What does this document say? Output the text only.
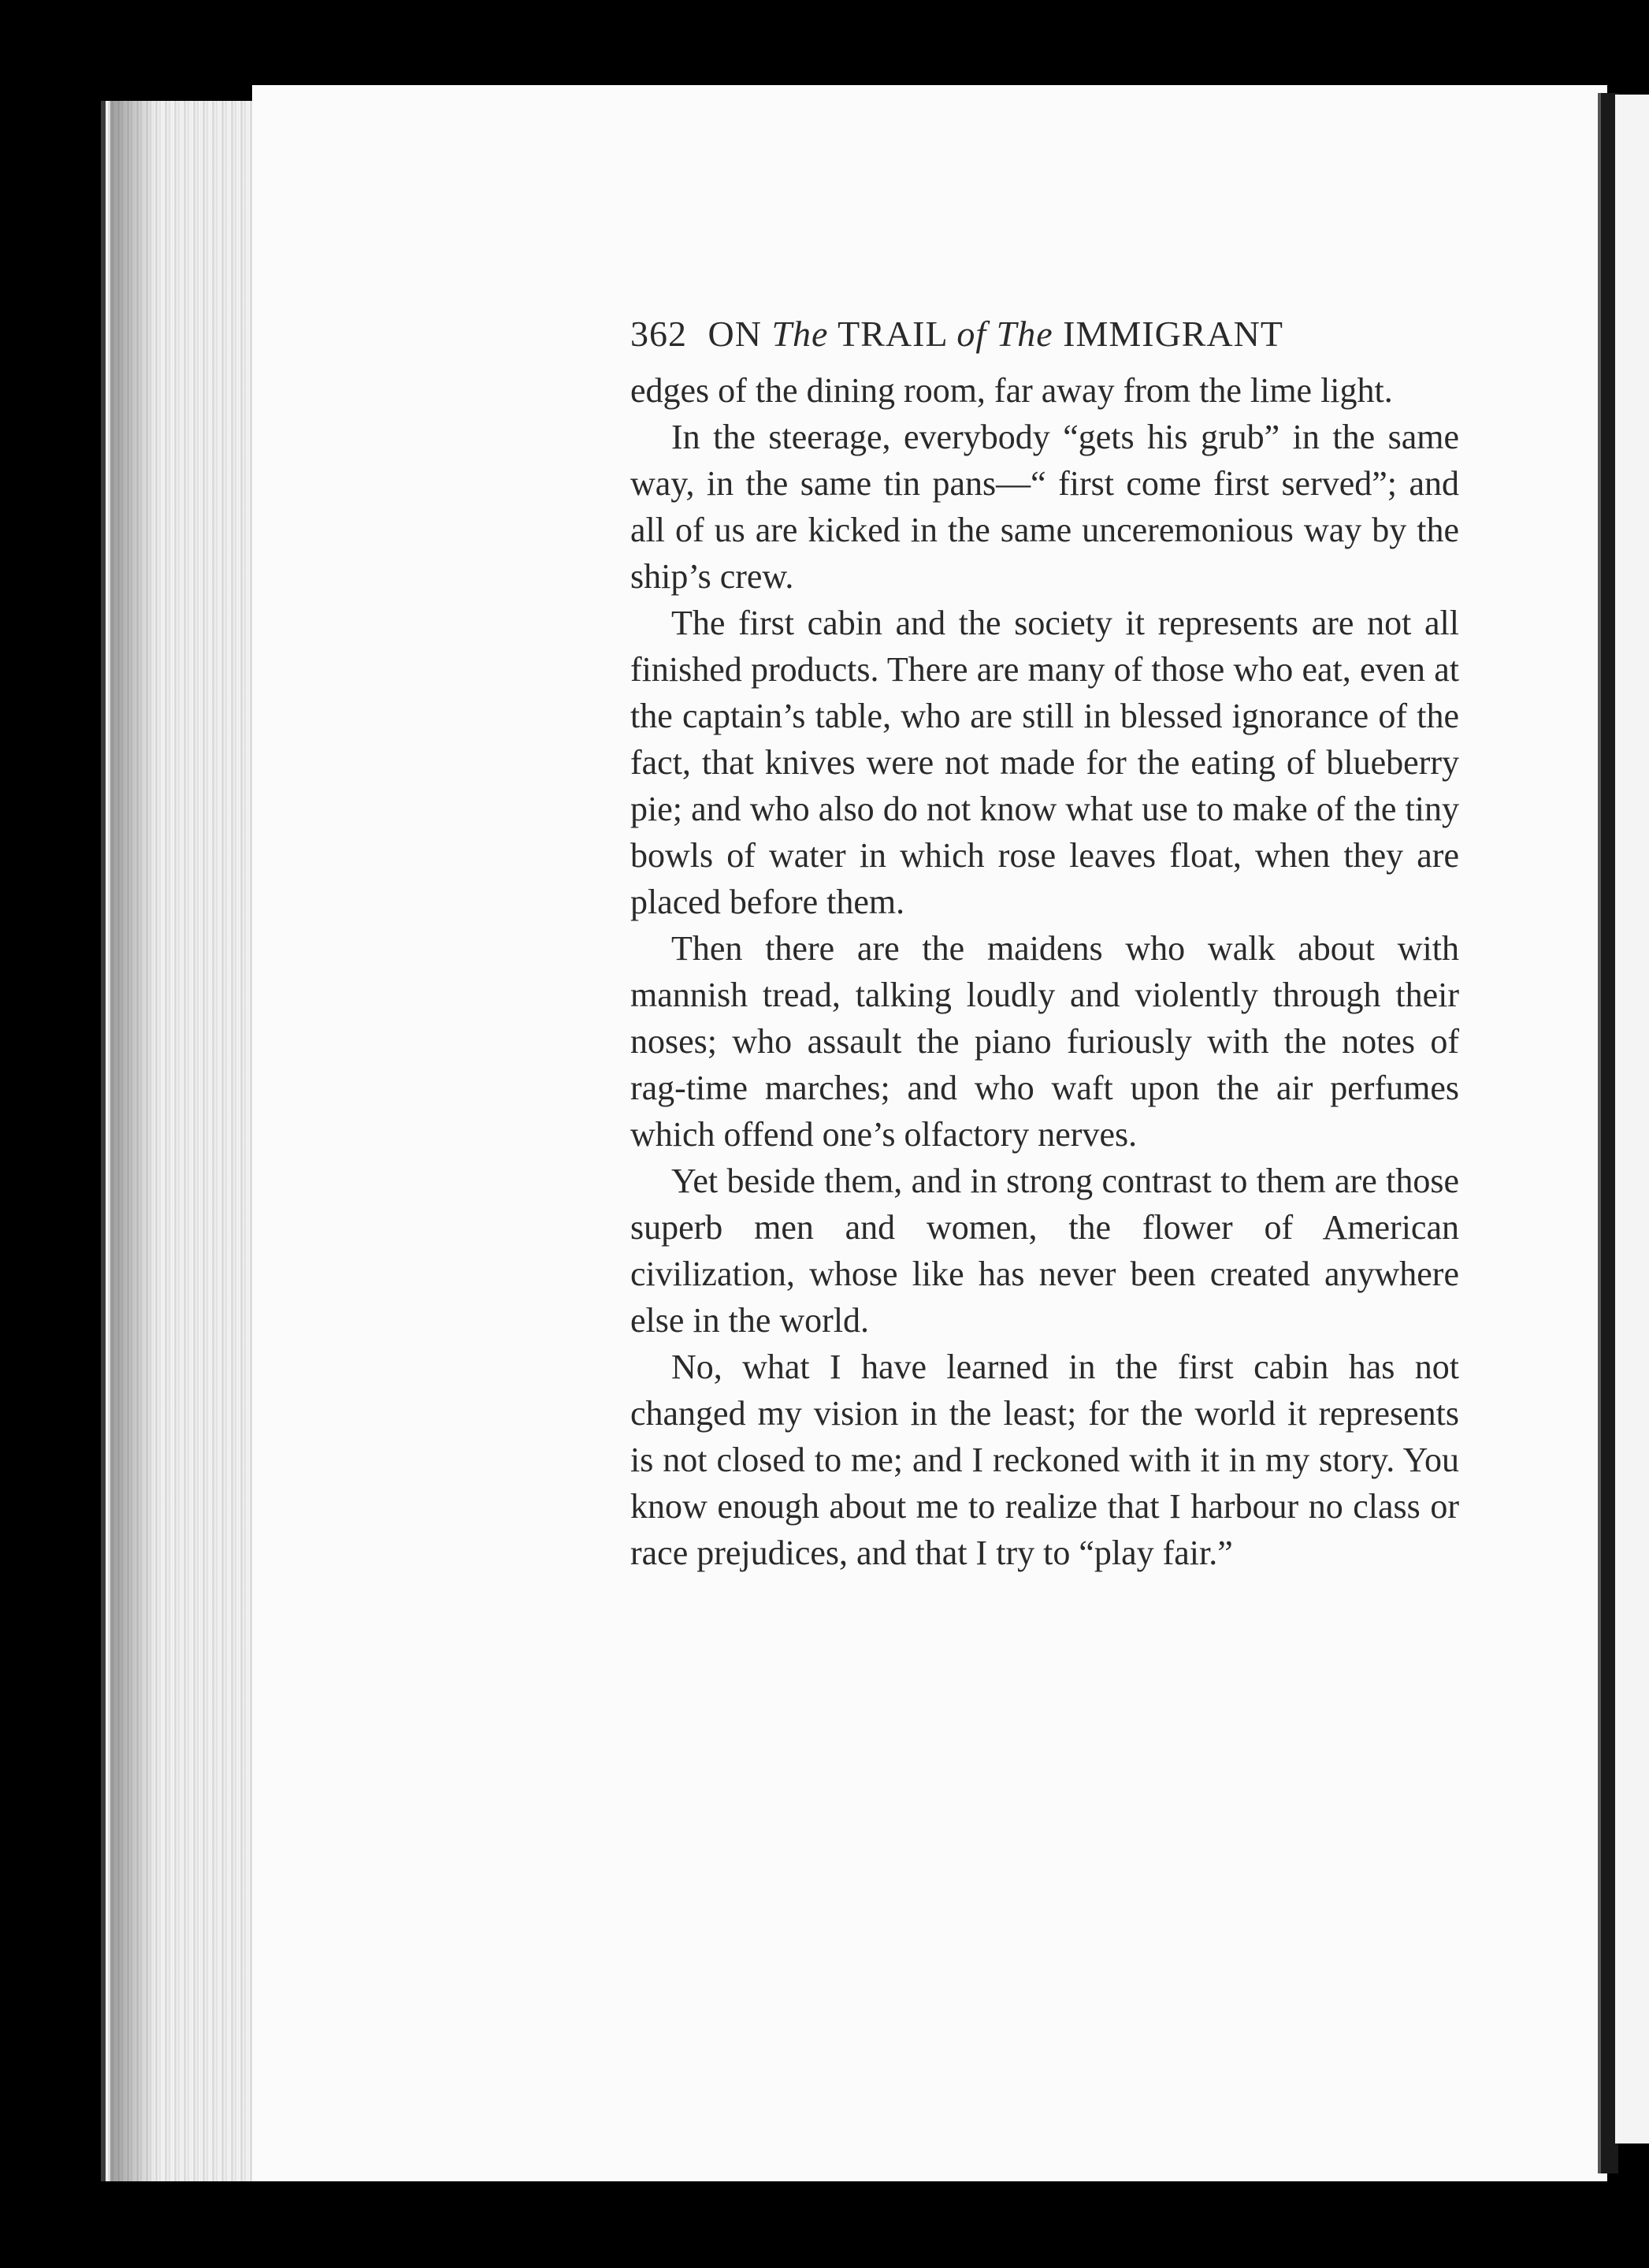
362 ON The TRAIL of The IMMIGRANT

edges of the dining room, far away from the lime light.

In the steerage, everybody “gets his grub” in the same way, in the same tin pans—“ first come first served”; and all of us are kicked in the same unceremonious way by the ship’s crew.

The first cabin and the society it represents are not all finished products. There are many of those who eat, even at the captain’s table, who are still in blessed ignorance of the fact, that knives were not made for the eating of blueberry pie; and who also do not know what use to make of the tiny bowls of water in which rose leaves float, when they are placed before them.

Then there are the maidens who walk about with mannish tread, talking loudly and violently through their noses; who assault the piano furiously with the notes of rag-time marches; and who waft upon the air perfumes which offend one’s olfactory nerves.

Yet beside them, and in strong contrast to them are those superb men and women, the flower of American civilization, whose like has never been created anywhere else in the world.

No, what I have learned in the first cabin has not changed my vision in the least; for the world it represents is not closed to me; and I reckoned with it in my story. You know enough about me to realize that I harbour no class or race prejudices, and that I try to “play fair.”
